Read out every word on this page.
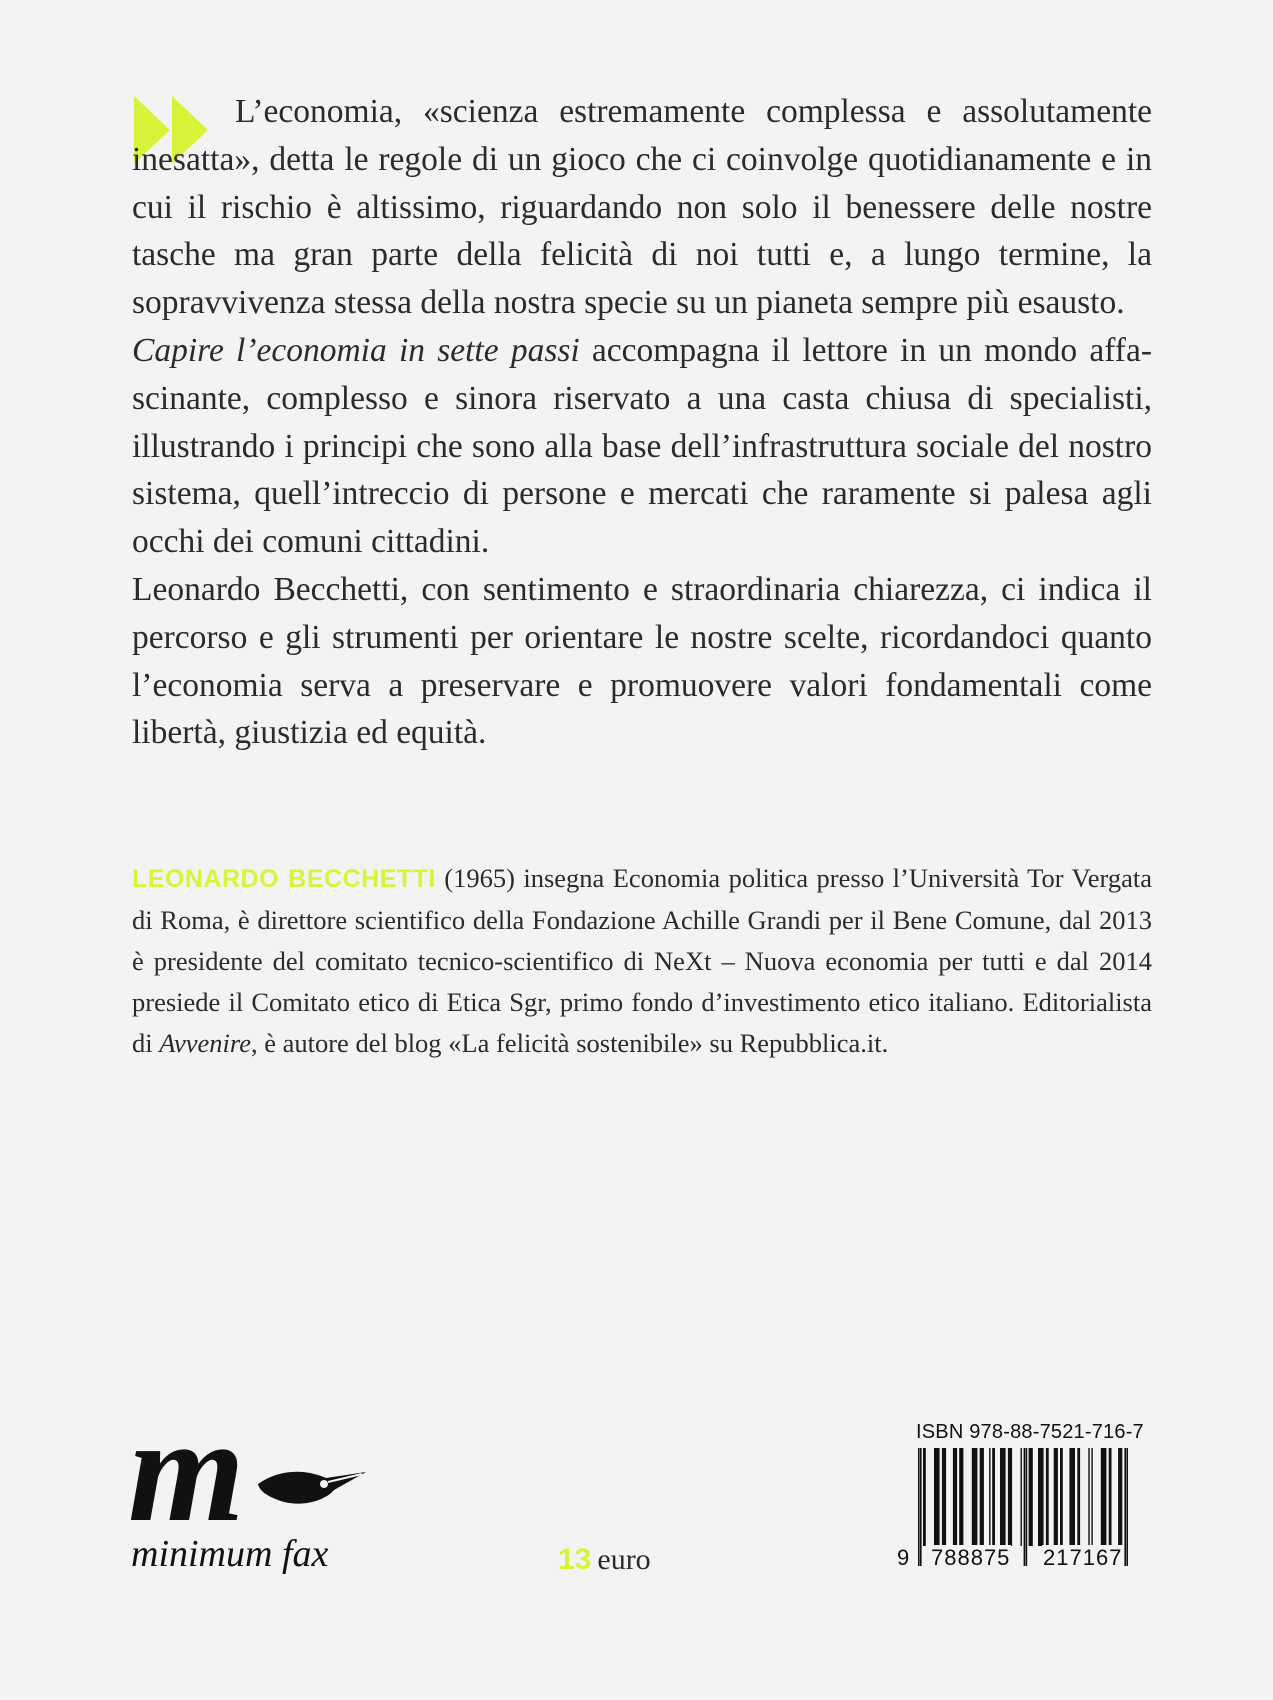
L’economia, «scienza estremamente complessa e assolutamente inesatta», detta le regole di un gioco che ci coinvolge quotidianamente e in cui il rischio è altissimo, riguardando non solo il benessere delle nostre tasche ma gran parte della felicità di noi tutti e, a lungo termine, la sopravvivenza stessa della nostra specie su un pianeta sempre più esausto.

Capire l’economia in sette passi accompagna il lettore in un mondo affascinante, complesso e sinora riservato a una casta chiusa di specialisti, illustrando i principi che sono alla base dell’infrastruttura sociale del nostro sistema, quell’intreccio di persone e mercati che raramente si palesa agli occhi dei comuni cittadini.

Leonardo Becchetti, con sentimento e straordinaria chiarezza, ci indica il percorso e gli strumenti per orientare le nostre scelte, ricordandoci quanto l’economia serva a preservare e promuovere valori fondamentali come libertà, giustizia ed equità.

LEONARDO BECCHETTI (1965) insegna Economia politica presso l’Università Tor Vergata di Roma, è direttore scientifico della Fondazione Achille Grandi per il Bene Comune, dal 2013 è presidente del comitato tecnico-scientifico di NeXt – Nuova economia per tutti e dal 2014 presiede il Comitato etico di Etica Sgr, primo fondo d’investimento etico italiano. Editorialista di Avvenire, è autore del blog «La felicità sostenibile» su Repubblica.it.
m
minimum fax	13 euro
ISBN 978-88-7521-716-7
9 788875 217167
